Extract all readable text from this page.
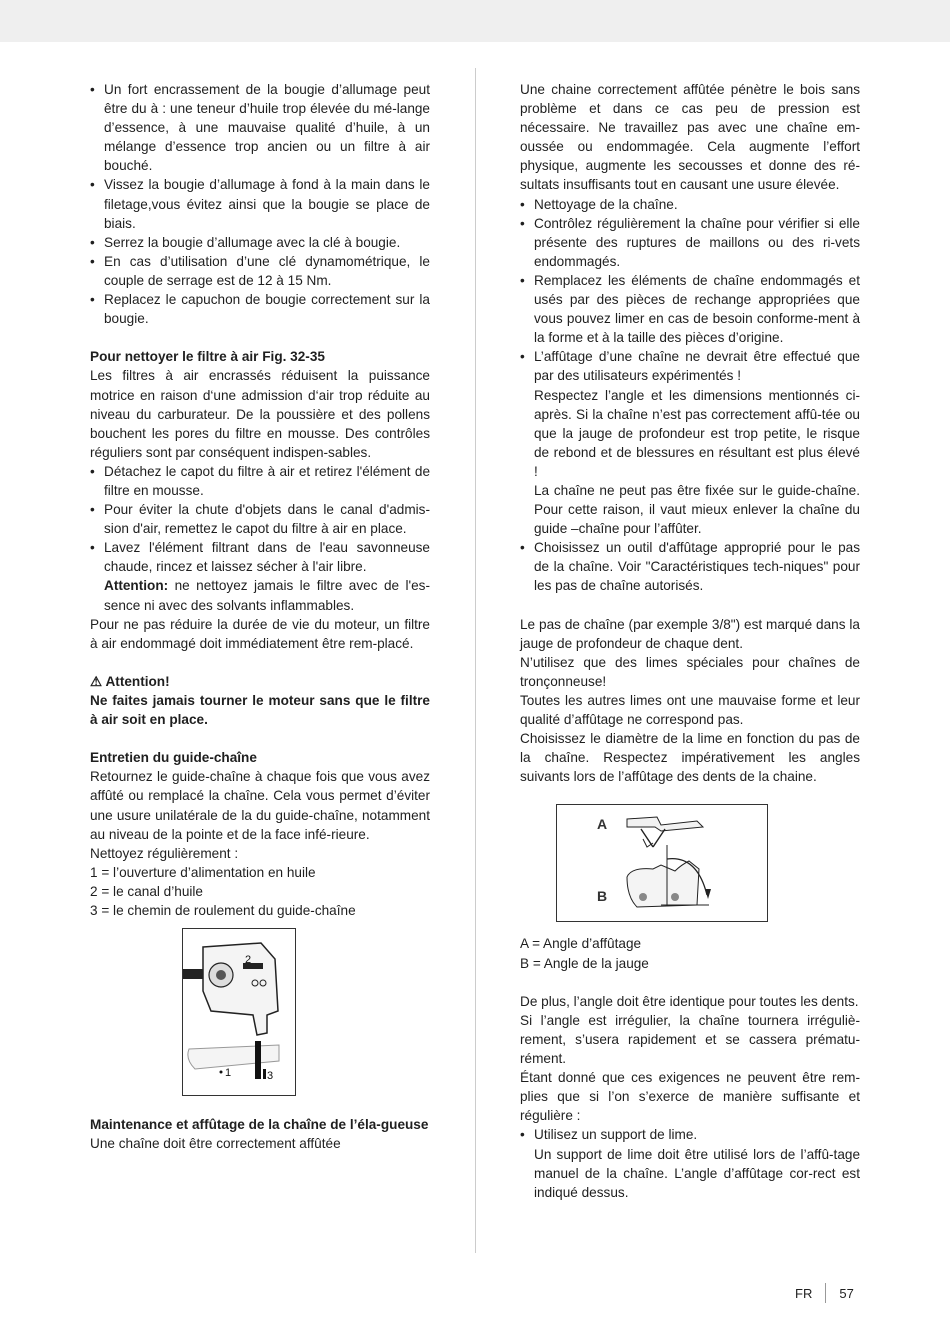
• Un fort encrassement de la bougie d’allumage peut être du à : une teneur d’huile trop élevée du mé-lange d’essence, à une mauvaise qualité d’huile, à un mélange d’essence trop ancien ou un filtre à air bouché.
• Vissez la bougie d’allumage à fond à la main dans le filetage,vous évitez ainsi que la bougie se place de biais.
• Serrez la bougie d’allumage avec la clé à bougie.
• En cas d’utilisation d’une clé dynamométrique, le couple de serrage est de 12 à 15 Nm.
• Replacez le capuchon de bougie correctement sur la bougie.

Pour nettoyer le filtre à air Fig. 32-35

Les filtres à air encrassés réduisent la puissance motrice en raison d‘une admission d‘air trop réduite au niveau du carburateur. De la poussière et des pollens bouchent les pores du filtre en mousse. Des contrôles réguliers sont par conséquent indispen-sables.

• Détachez le capot du filtre à air et retirez l'élément de filtre en mousse.
• Pour éviter la chute d'objets dans le canal d'admis-sion d'air, remettez le capot du filtre à air en place.
• Lavez l'élément filtrant dans de l'eau savonneuse chaude, rincez et laissez sécher à l'air libre.

Attention: ne nettoyez jamais le filtre avec de l'es-sence ni avec des solvants inflammables.

Pour ne pas réduire la durée de vie du moteur, un filtre à air endommagé doit immédiatement être rem-placé.

⚠ Attention!

Ne faites jamais tourner le moteur sans que le filtre à air soit en place.

Entretien du guide-chaîne

Retournez le guide-chaîne à chaque fois que vous avez affûté ou remplacé la chaîne. Cela vous permet d’éviter une usure unilatérale de la du guide-chaîne, notamment au niveau de la pointe et de la face infé-rieure.

Nettoyez régulièrement :

1 = l’ouverture d’alimentation en huile

2 = le canal d’huile

3 = le chemin de roulement du guide-chaîne

2
1	3

Maintenance et affûtage de la chaîne de l’éla-gueuse

Une chaîne doit être correctement affûtée

Une chaine correctement affûtée pénètre le bois sans problème et dans ce cas peu de pression est nécessaire. Ne travaillez pas avec une chaîne em-oussée ou endommagée. Cela augmente l’effort physique, augmente les secousses et donne des ré-sultats insuffisants tout en causant une usure élevée.

• Nettoyage de la chaîne.
• Contrôlez régulièrement la chaîne pour vérifier si elle présente des ruptures de maillons ou des ri-vets endommagés.
• Remplacez les éléments de chaîne endommagés et usés par des pièces de rechange appropriées que vous pouvez limer en cas de besoin conforme-ment à la forme et à la taille des pièces d’origine.
• L’affûtage d’une chaîne ne devrait être effectué que par des utilisateurs expérimentés !

Respectez l’angle et les dimensions mentionnés ci-après. Si la chaîne n’est pas correctement affû-tée ou que la jauge de profondeur est trop petite, le risque de rebond et de blessures en résultant est plus élevé !

La chaîne ne peut pas être fixée sur le guide-chaîne. Pour cette raison, il vaut mieux enlever la chaîne du guide –chaîne pour l’affûter.

• Choisissez un outil d'affûtage approprié pour le pas de la chaîne. Voir "Caractéristiques tech-niques" pour les pas de chaîne autorisés.

Le pas de chaîne (par exemple 3/8") est marqué dans la jauge de profondeur de chaque dent.

N’utilisez que des limes spéciales pour chaînes de tronçonneuse!

Toutes les autres limes ont une mauvaise forme et leur qualité d’affûtage ne correspond pas.

Choisissez le diamètre de la lime en fonction du pas de la chaîne. Respectez impérativement les angles suivants lors de l’affûtage des dents de la chaine.

A
B

A = Angle d’affûtage

B = Angle de la jauge

De plus, l’angle doit être identique pour toutes les dents.

Si l’angle est irrégulier, la chaîne tournera irréguliè-rement, s’usera rapidement et se cassera prématu-rément.

Étant donné que ces exigences ne peuvent être rem-plies que si l’on s’exerce de manière suffisante et régulière :

• Utilisez un support de lime.

Un support de lime doit être utilisé lors de l’affû-tage manuel de la chaîne. L’angle d’affûtage cor-rect est indiqué dessus.

FR 57
